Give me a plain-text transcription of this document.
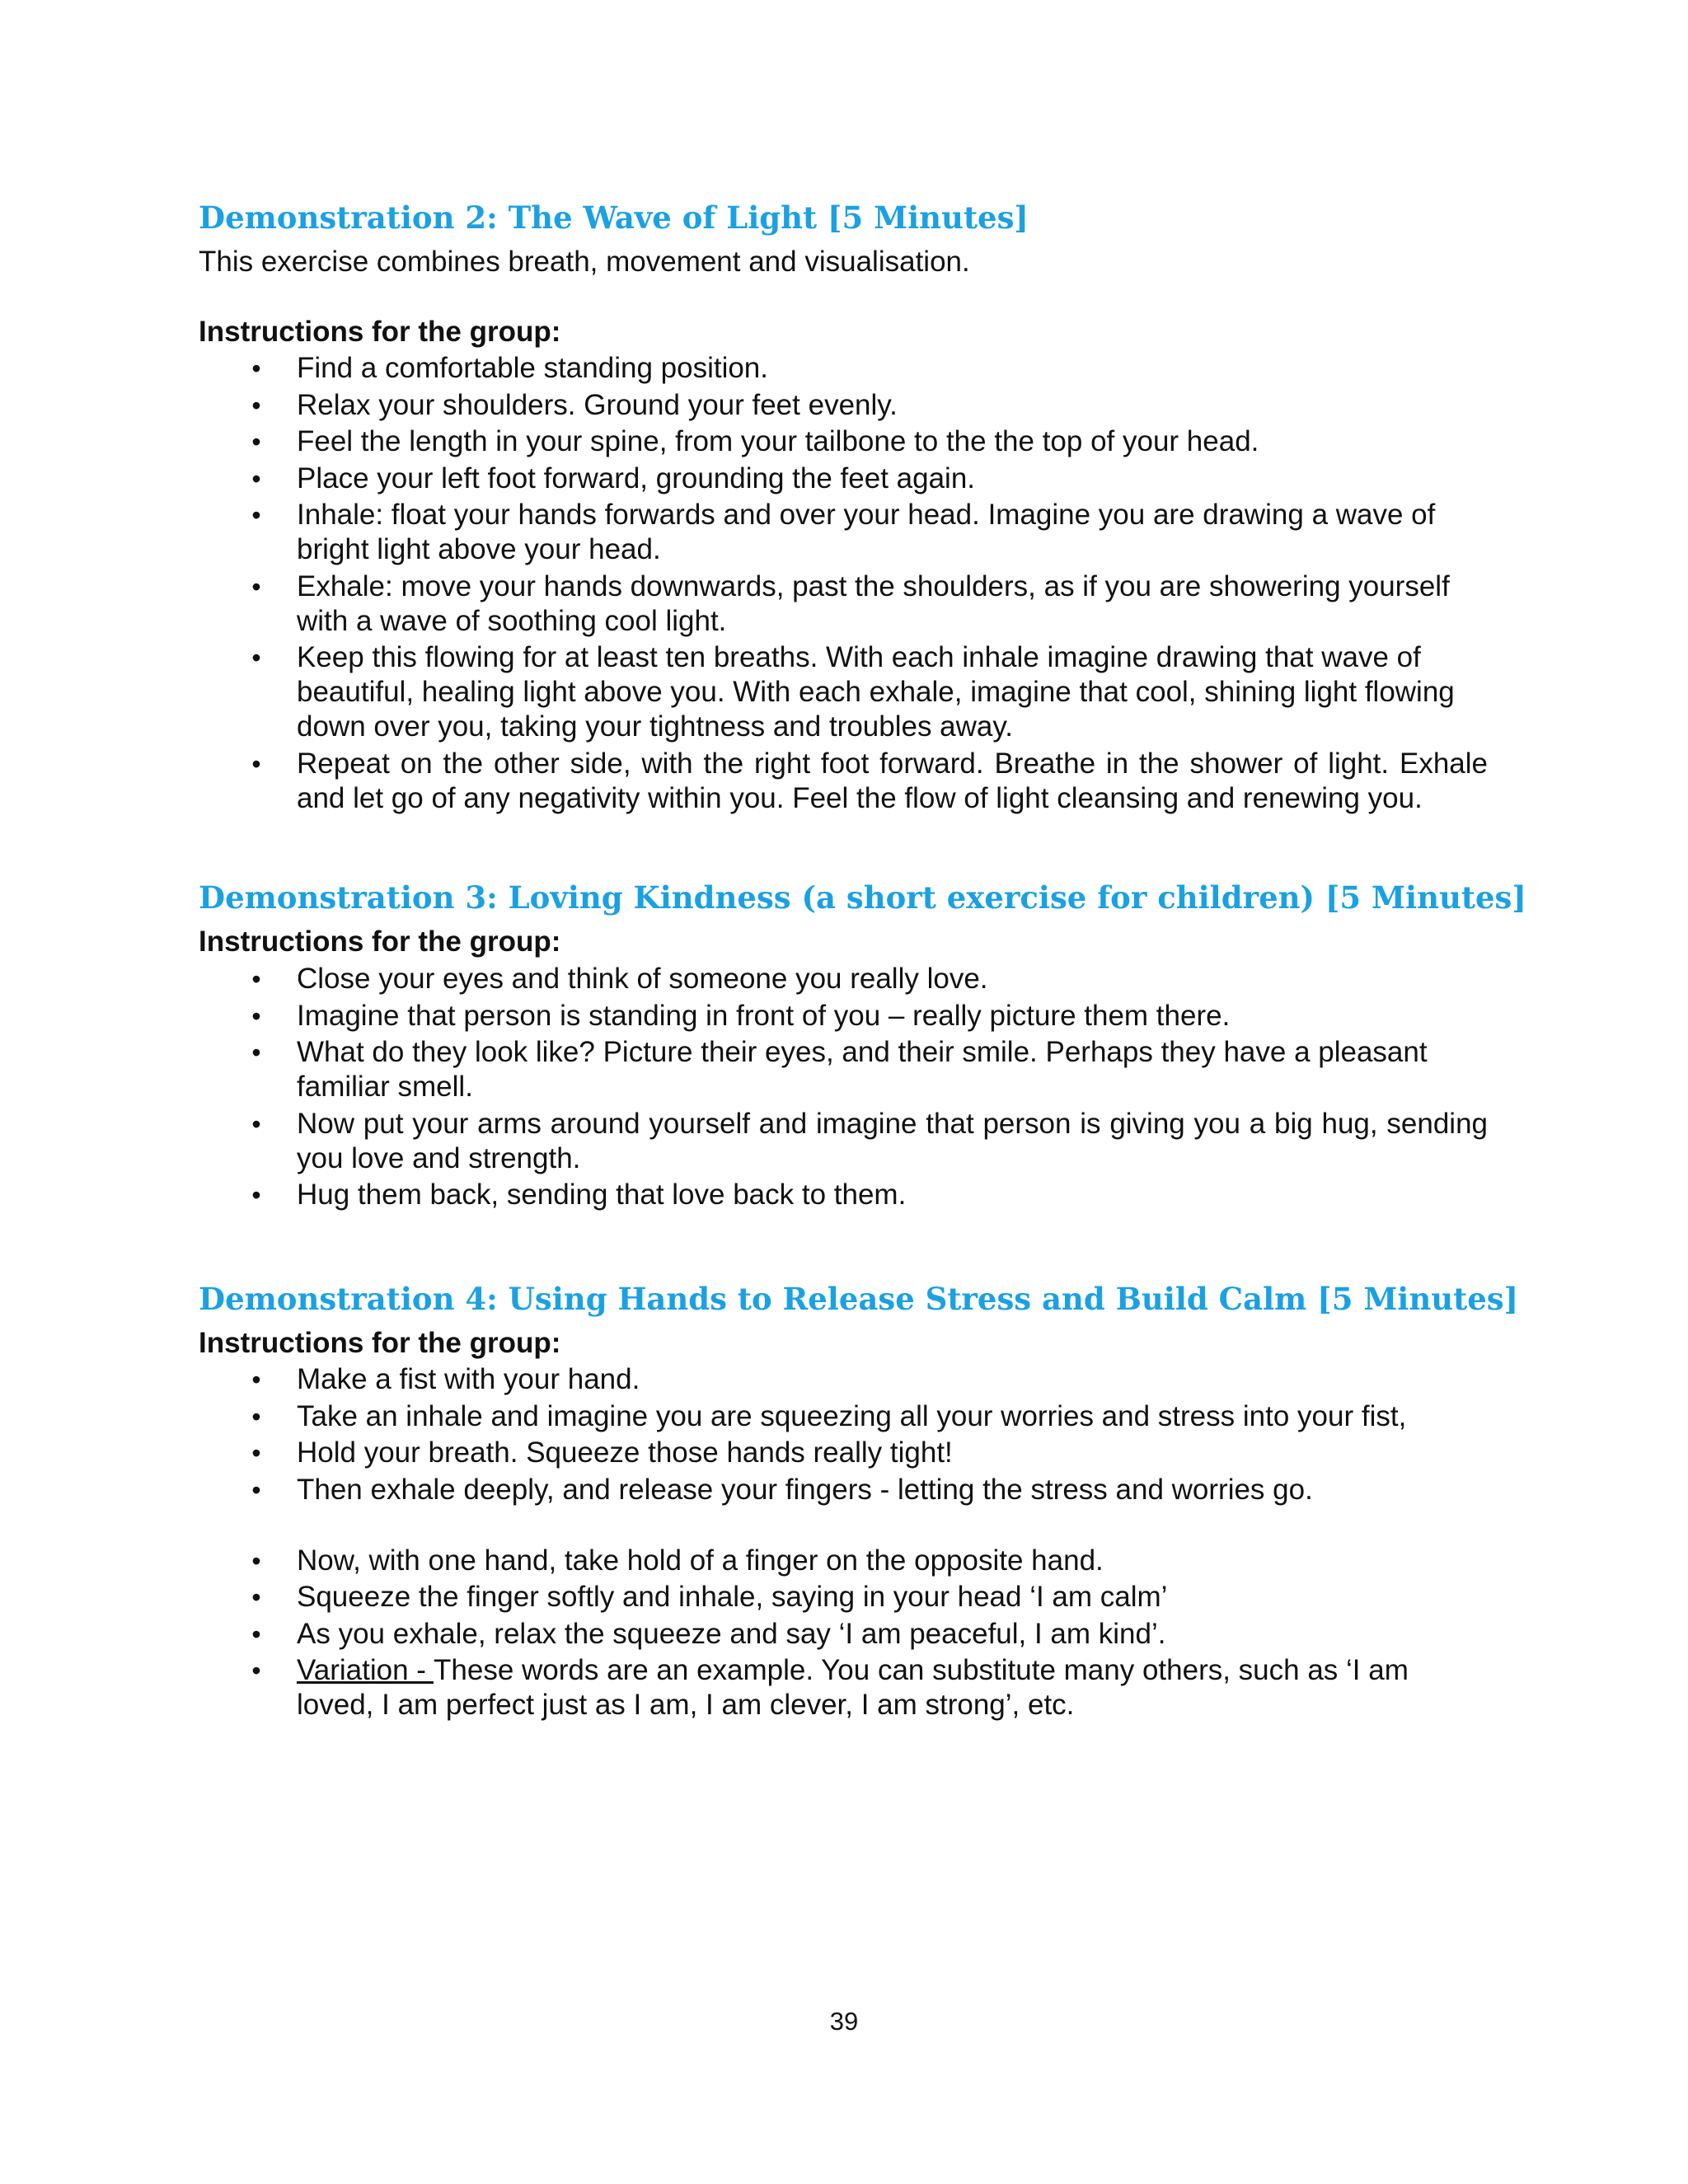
Demonstration 2: The Wave of Light [5 Minutes]

This exercise combines breath, movement and visualisation.

Instructions for the group:

• Find a comfortable standing position.
• Relax your shoulders. Ground your feet evenly.
• Feel the length in your spine, from your tailbone to the the top of your head.
• Place your left foot forward, grounding the feet again.
• Inhale: float your hands forwards and over your head. Imagine you are drawing a wave of bright light above your head.
• Exhale: move your hands downwards, past the shoulders, as if you are showering yourself with a wave of soothing cool light.
• Keep this flowing for at least ten breaths. With each inhale imagine drawing that wave of beautiful, healing light above you. With each exhale, imagine that cool, shining light flowing down over you, taking your tightness and troubles away.
• Repeat on the other side, with the right foot forward. Breathe in the shower of light. Exhale and let go of any negativity within you. Feel the flow of light cleansing and renewing you.
Demonstration 3: Loving Kindness (a short exercise for children) [5 Minutes]

Instructions for the group:

• Close your eyes and think of someone you really love.
• Imagine that person is standing in front of you – really picture them there.
• What do they look like? Picture their eyes, and their smile. Perhaps they have a pleasant familiar smell.
• Now put your arms around yourself and imagine that person is giving you a big hug, sending you love and strength.
• Hug them back, sending that love back to them.
Demonstration 4: Using Hands to Release Stress and Build Calm [5 Minutes]

Instructions for the group:

• Make a fist with your hand.
• Take an inhale and imagine you are squeezing all your worries and stress into your fist,
• Hold your breath. Squeeze those hands really tight!
• Then exhale deeply, and release your fingers - letting the stress and worries go.
• Now, with one hand, take hold of a finger on the opposite hand.
• Squeeze the finger softly and inhale, saying in your head ‘I am calm’
• As you exhale, relax the squeeze and say ‘I am peaceful, I am kind’.
• Variation - These words are an example. You can substitute many others, such as ‘I am loved, I am perfect just as I am, I am clever, I am strong’, etc.

39
